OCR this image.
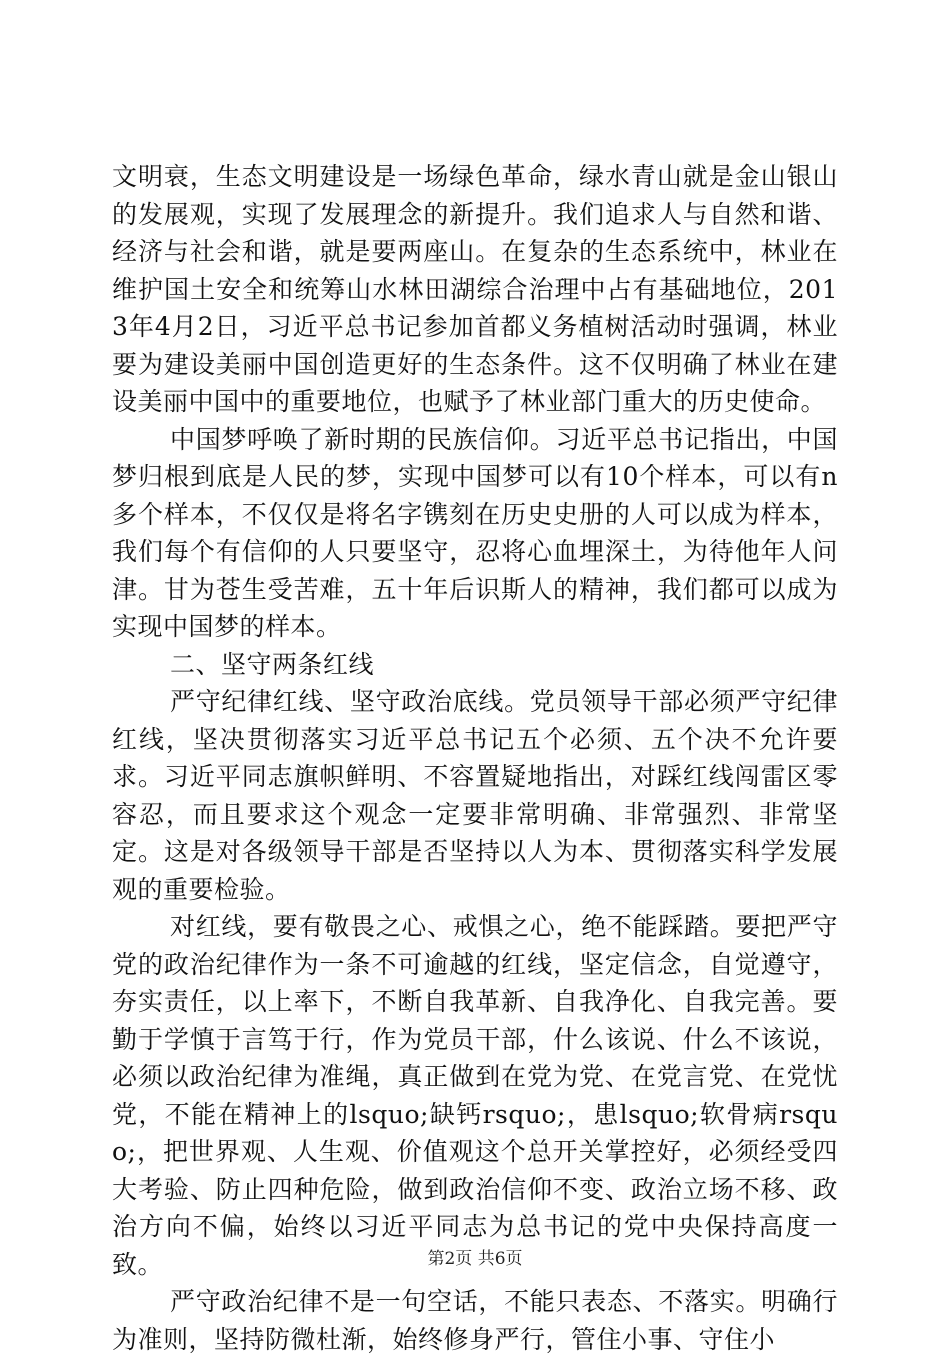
文明衰，生态文明建设是一场绿色革命，绿水青山就是金山银山的发展观，实现了发展理念的新提升。我们追求人与自然和谐、经济与社会和谐，就是要两座山。在复杂的生态系统中，林业在维护国土安全和统筹山水林田湖综合治理中占有基础地位，2013年4月2日，习近平总书记参加首都义务植树活动时强调，林业要为建设美丽中国创造更好的生态条件。这不仅明确了林业在建设美丽中国中的重要地位，也赋予了林业部门重大的历史使命。

中国梦呼唤了新时期的民族信仰。习近平总书记指出，中国梦归根到底是人民的梦，实现中国梦可以有10个样本，可以有n多个样本，不仅仅是将名字镌刻在历史史册的人可以成为样本，我们每个有信仰的人只要坚守，忍将心血埋深土，为待他年人问津。甘为苍生受苦难，五十年后识斯人的精神，我们都可以成为实现中国梦的样本。

二、坚守两条红线

严守纪律红线、坚守政治底线。党员领导干部必须严守纪律红线，坚决贯彻落实习近平总书记五个必须、五个决不允许要求。习近平同志旗帜鲜明、不容置疑地指出，对踩红线闯雷区零容忍，而且要求这个观念一定要非常明确、非常强烈、非常坚定。这是对各级领导干部是否坚持以人为本、贯彻落实科学发展观的重要检验。

对红线，要有敬畏之心、戒惧之心，绝不能踩踏。要把严守党的政治纪律作为一条不可逾越的红线，坚定信念，自觉遵守，夯实责任，以上率下，不断自我革新、自我净化、自我完善。要勤于学慎于言笃于行，作为党员干部，什么该说、什么不该说，必须以政治纪律为准绳，真正做到在党为党、在党言党、在党忧党，不能在精神上的lsquo;缺钙rsquo;，患lsquo;软骨病rsquo;，把世界观、人生观、价值观这个总开关掌控好，必须经受四大考验、防止四种危险，做到政治信仰不变、政治立场不移、政治方向不偏，始终以习近平同志为总书记的党中央保持高度一致。

严守政治纪律不是一句空话，不能只表态、不落实。明确行为准则，坚持防微杜渐，始终修身严行，管住小事、守住小

第2页 共6页
